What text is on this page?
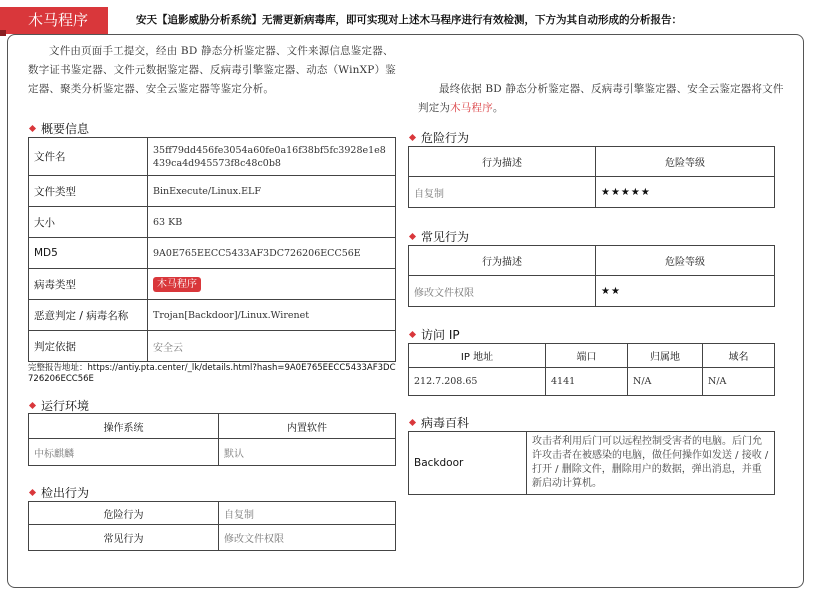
木马程序	安天【追影威胁分析系统】无需更新病毒库，即可实现对上述木马程序进行有效检测，下方为其自动形成的分析报告：
文件由页面手工提交，经由 BD 静态分析鉴定器、文件来源信息鉴定器、数字证书鉴定器、文件元数据鉴定器、反病毒引擎鉴定器、动态（WinXP）鉴定器、聚类分析鉴定器、安全云鉴定器等鉴定分析。	最终依据 BD 静态分析鉴定器、反病毒引擎鉴定器、安全云鉴定器将文件判定为木马程序。
概要信息
文件名	35ff79dd456fe3054a60fe0a16f38bf5fc3928e1e8439ca4d945573f8c48c0b8
文件类型	BinExecute/Linux.ELF
大小	63 KB
MD5	9A0E765EECC5433AF3DC726206ECC56E
病毒类型	木马程序
恶意判定 / 病毒名称	Trojan[Backdoor]/Linux.Wirenet
判定依据	安全云
完整报告地址：https://antiy.pta.center/_lk/details.html?hash=9A0E765EECC5433AF3DC726206ECC56E
运行环境
操作系统	内置软件
中标麒麟	默认
检出行为
危险行为	自复制
常见行为	修改文件权限
危险行为
行为描述	危险等级
自复制	★★★★★
常见行为
行为描述	危险等级
修改文件权限	★★
访问 IP
IP 地址	端口	归属地	域名
212.7.208.65	4141	N/A	N/A
病毒百科
Backdoor	攻击者利用后门可以远程控制受害者的电脑。后门允许攻击者在被感染的电脑，做任何操作如发送 / 接收 / 打开 / 删除文件，删除用户的数据，弹出消息，并重新启动计算机。
